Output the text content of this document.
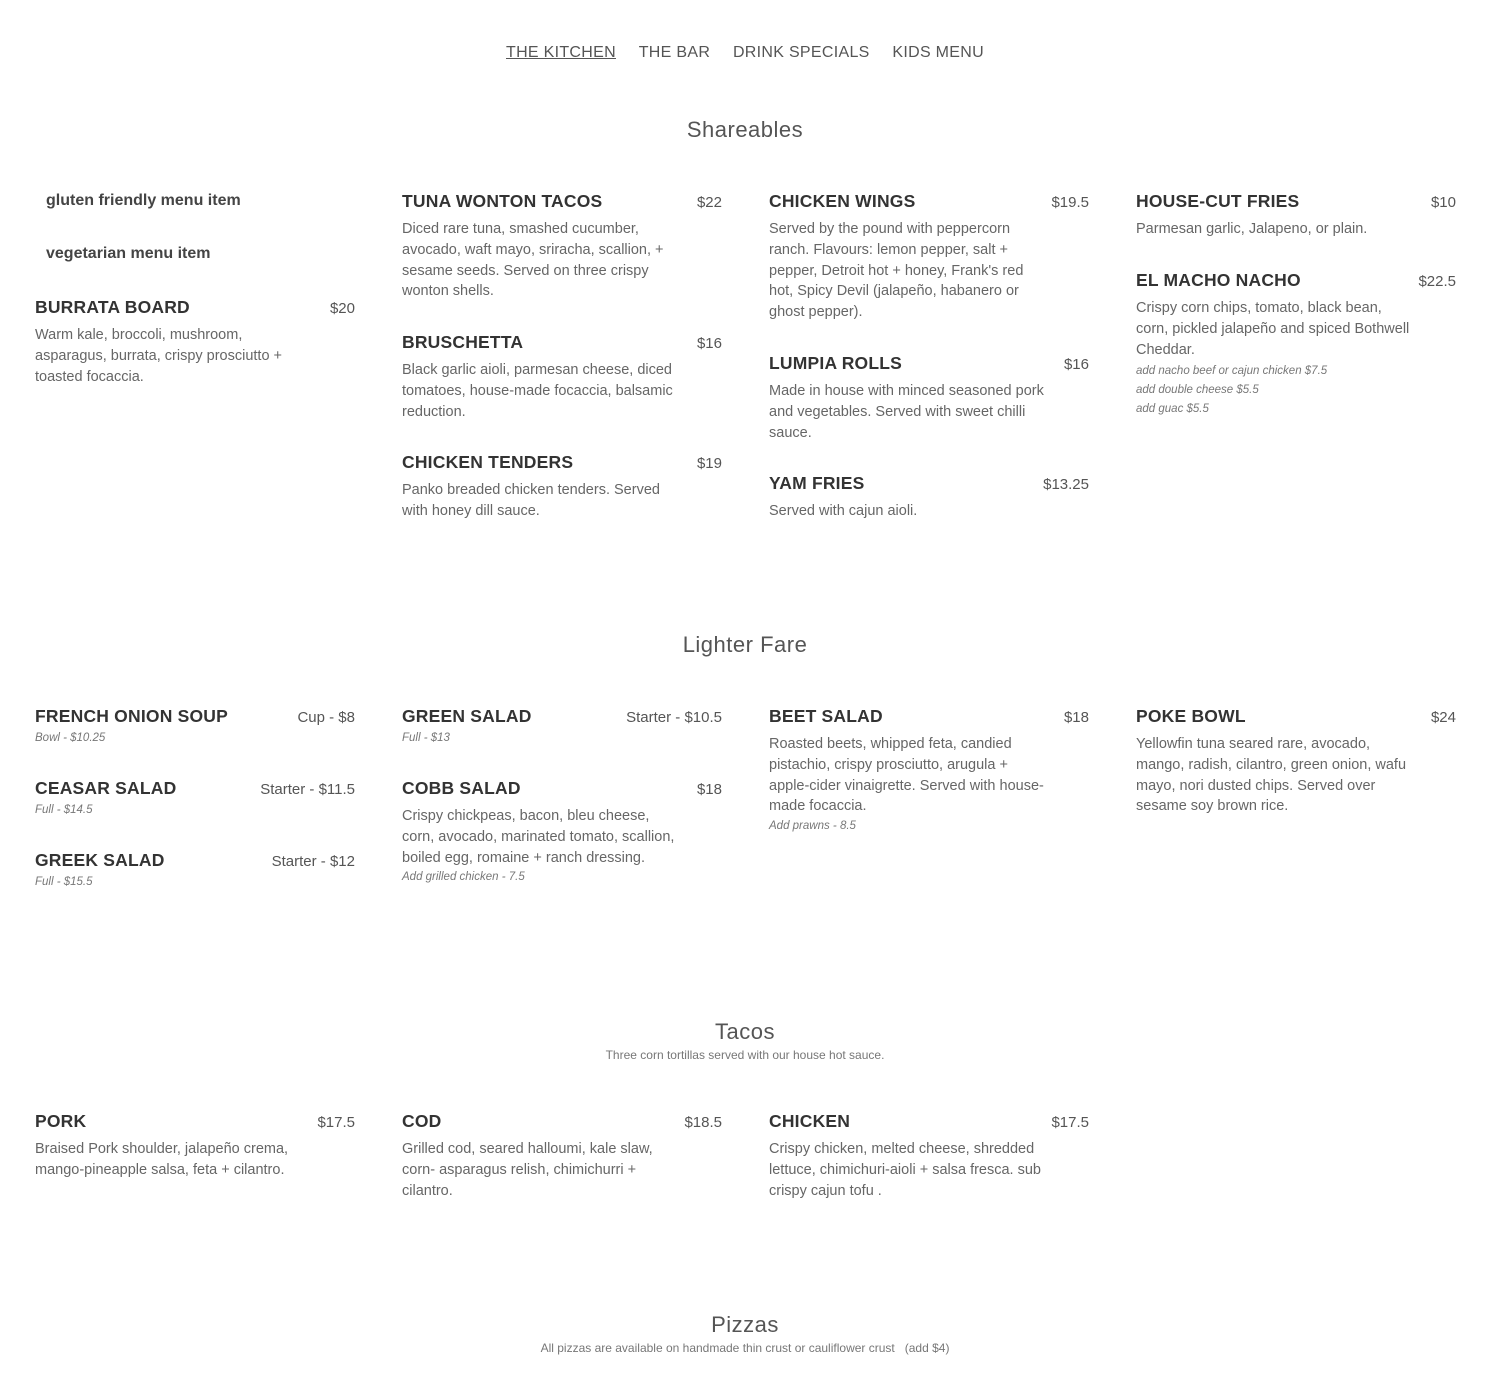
THE KITCHEN THE BAR DRINK SPECIALS KIDS MENU
Shareables
gluten friendly menu item
vegetarian menu item
BURRATA BOARD	$20
Warm kale, broccoli, mushroom, asparagus, burrata, crispy prosciutto + toasted focaccia.
TUNA WONTON TACOS	$22
Diced rare tuna, smashed cucumber, avocado, waft mayo, sriracha, scallion, + sesame seeds. Served on three crispy wonton shells.
BRUSCHETTA	$16
Black garlic aioli, parmesan cheese, diced tomatoes, house-made focaccia, balsamic reduction.
CHICKEN TENDERS	$19
Panko breaded chicken tenders. Served with honey dill sauce.
CHICKEN WINGS	$19.5
Served by the pound with peppercorn ranch. Flavours: lemon pepper, salt + pepper, Detroit hot + honey, Frank's red hot, Spicy Devil (jalapeño, habanero or ghost pepper).
LUMPIA ROLLS	$16
Made in house with minced seasoned pork and vegetables. Served with sweet chilli sauce.
YAM FRIES	$13.25
Served with cajun aioli.
HOUSE-CUT FRIES	$10
Parmesan garlic, Jalapeno, or plain.
EL MACHO NACHO	$22.5
Crispy corn chips, tomato, black bean, corn, pickled jalapeño and spiced Bothwell Cheddar.
add nacho beef or cajun chicken $7.5
add double cheese $5.5
add guac $5.5
Lighter Fare
FRENCH ONION SOUP	Cup - $8
Bowl - $10.25
CEASAR SALAD	Starter - $11.5
Full - $14.5
GREEK SALAD	Starter - $12
Full - $15.5
GREEN SALAD	Starter - $10.5
Full - $13
COBB SALAD	$18
Crispy chickpeas, bacon, bleu cheese, corn, avocado, marinated tomato, scallion, boiled egg, romaine + ranch dressing.
Add grilled chicken - 7.5
BEET SALAD	$18
Roasted beets, whipped feta, candied pistachio, crispy prosciutto, arugula + apple-cider vinaigrette. Served with house-made focaccia.
Add prawns - 8.5
POKE BOWL	$24
Yellowfin tuna seared rare, avocado, mango, radish, cilantro, green onion, wafu mayo, nori dusted chips. Served over sesame soy brown rice.
Tacos
Three corn tortillas served with our house hot sauce.
PORK	$17.5
Braised Pork shoulder, jalapeño crema, mango-pineapple salsa, feta + cilantro.
COD	$18.5
Grilled cod, seared halloumi, kale slaw, corn- asparagus relish, chimichurri + cilantro.
CHICKEN	$17.5
Crispy chicken, melted cheese, shredded lettuce, chimichuri-aioli + salsa fresca. sub crispy cajun tofu .
Pizzas
All pizzas are available on handmade thin crust or cauliflower crust   (add $4)
